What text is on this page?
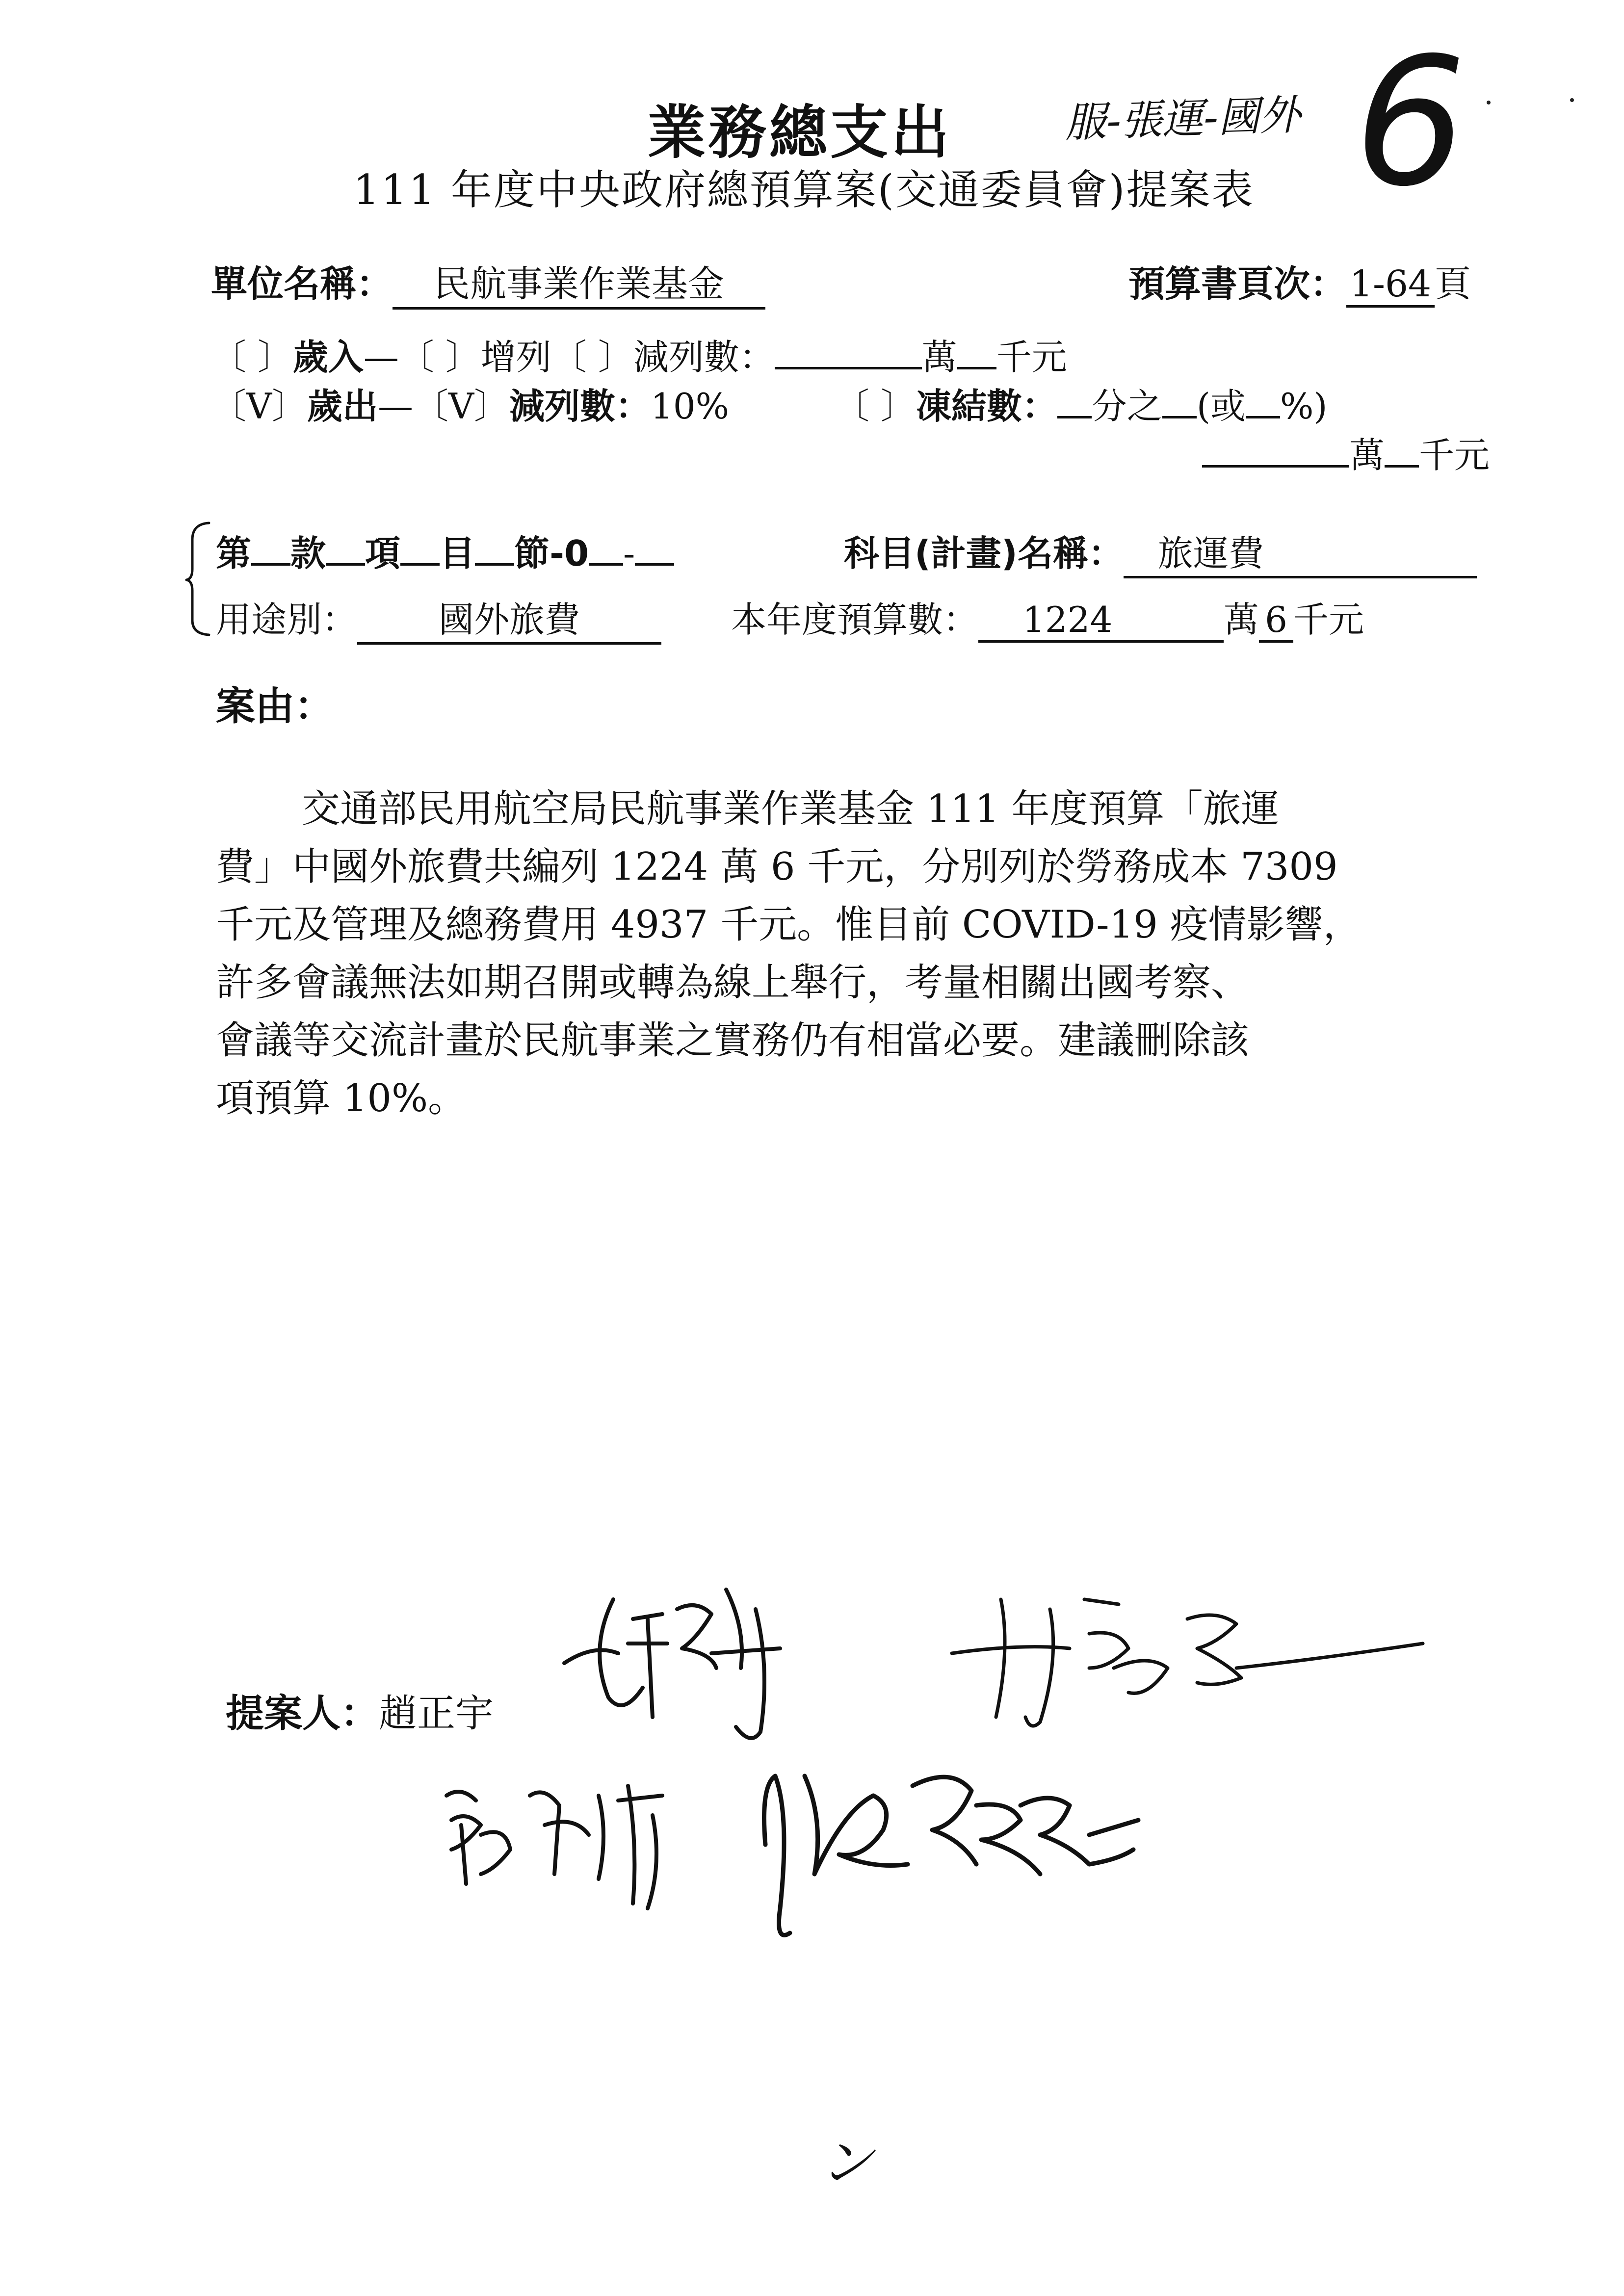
業務總支出	服-張運-國外 6
111 年度中央政府總預算案(交通委員會)提案表
單位名稱： 民航事業作業基金	預算書頁次：1-64頁
〔 〕歲入—〔 〕增列〔 〕減列數：	萬 千元
〔V〕歲出—〔V〕減列數：10%	〔 〕凍結數： 分之 (或 %)
萬 千元
第 款 項 目 節-0 -	科目(計畫)名稱： 旅運費
用途別： 國外旅費	本年度預算數： 1224	萬 6 千元
案由：
交通部民用航空局民航事業作業基金 111 年度預算「旅運
費」中國外旅費共編列 1224 萬 6 千元，分別列於勞務成本 7309
千元及管理及總務費用 4937 千元。惟目前 COVID-19 疫情影響，
許多會議無法如期召開或轉為線上舉行，考量相關出國考察、
會議等交流計畫於民航事業之實務仍有相當必要。建議刪除該
項預算 10%。
提案人：趙正宇
ン
